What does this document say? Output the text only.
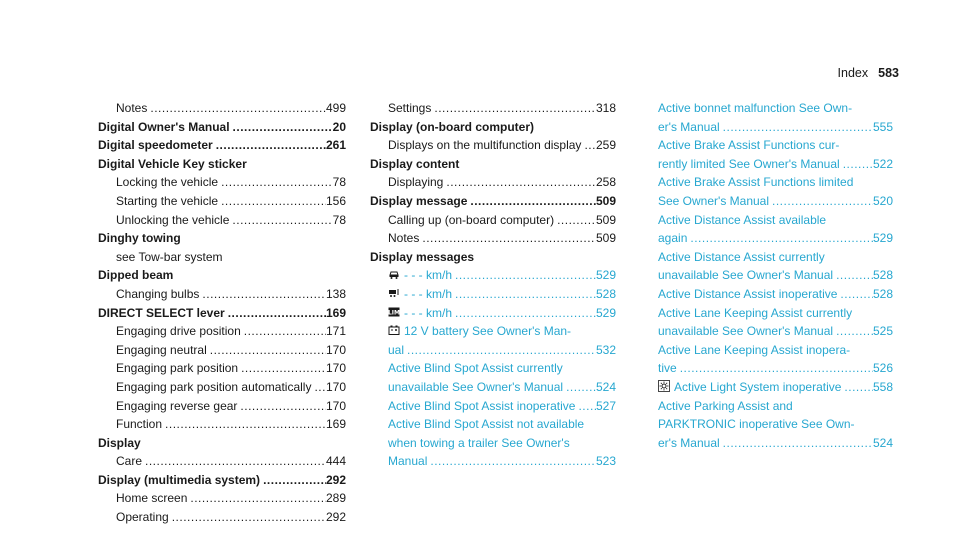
Index 583
Notes .....	499
Digital Owner's Manual .....	20
Digital speedometer .....	261
Digital Vehicle Key sticker
Locking the vehicle .....	78
Starting the vehicle .....	156
Unlocking the vehicle .....	78
Dinghy towing
see Tow-bar system
Dipped beam
Changing bulbs .....	138
DIRECT SELECT lever .....	169
Engaging drive position .....	171
Engaging neutral .....	170
Engaging park position .....	170
Engaging park position automatically ..... 170
Engaging reverse gear .....	170
Function .....	169
Display
Care .....	444
Display (multimedia system) .....	292
Home screen .....	289
Operating .....	292
Settings .....	318
Display (on-board computer)
Displays on the multifunction display ..... 259
Display content
Displaying .....	258
Display message .....	509
Calling up (on-board computer) .....	509
Notes .....	509
Display messages
- - - km/h .....	529
- - - km/h .....	528
LIM - - - km/h .....	529
12 V battery See Owner's Man-
ual .....	532
Active Blind Spot Assist currently
unavailable See Owner's Manual .....	524
Active Blind Spot Assist inoperative ..... 527
Active Blind Spot Assist not available
when towing a trailer See Owner's
Manual .....	523
Active bonnet malfunction See Own-
er's Manual .....	555
Active Brake Assist Functions cur-
rently limited See Owner's Manual .....	522
Active Brake Assist Functions limited
See Owner's Manual .....	520
Active Distance Assist available
again .....	529
Active Distance Assist currently
unavailable See Owner's Manual .....	528
Active Distance Assist inoperative .....	528
Active Lane Keeping Assist currently
unavailable See Owner's Manual .....	525
Active Lane Keeping Assist inopera-
tive .....	526
Active Light System inoperative .....	558
Active Parking Assist and
PARKTRONIC inoperative See Own-
er's Manual .....	524
